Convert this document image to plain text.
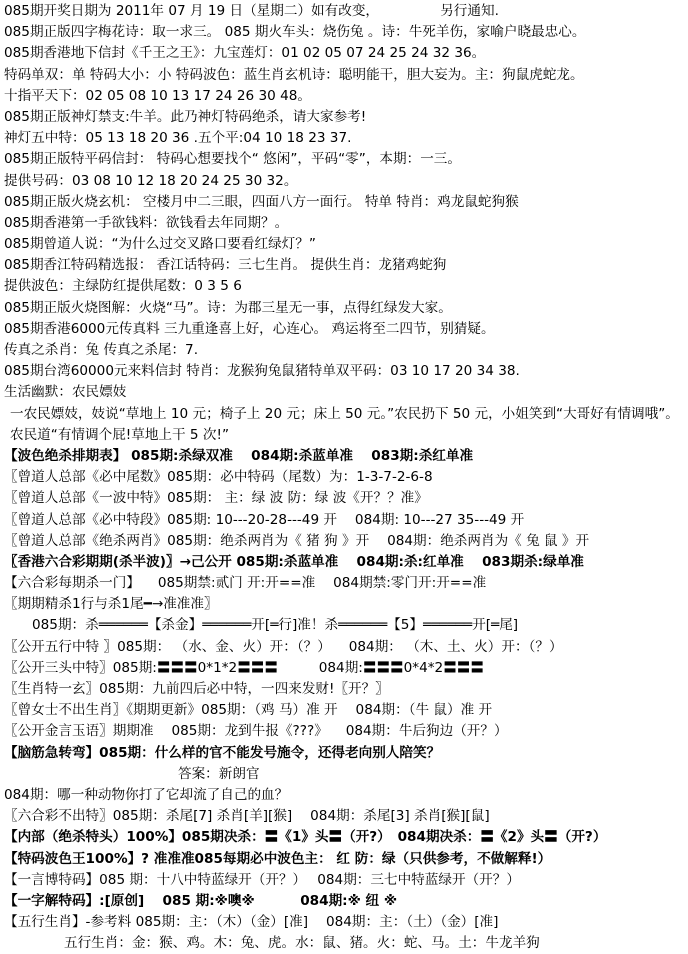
085期开奖日期为 2011年 07 月 19 日（星期二）如有改变，　　　　　另行通知.
085期正版四字梅花诗：取一求三。 085 期火车头：烧伤兔 。诗：牛死羊伤，家喻户晓最忠心。
085期香港地下信封《千王之王》：九宝莲灯：01 02 05 07 24 25 24 32 36。
特码单双：单 特码大小：小 特码波色：蓝生肖玄机诗：聪明能干，胆大妄为。主：狗鼠虎蛇龙。
十指平天下：02 05 08 10 13 17 24 26 30 48。
085期正版神灯禁支:牛羊。此乃神灯特码绝杀，请大家参考!
神灯五中特：05 13 18 20 36 .五个平:04 10 18 23 37.
085期正版特平码信封： 特码心想要找个“ 悠闲”，平码“零”，本期：一三。
提供号码：03 08 10 12 18 20 24 25 30 32。
085期正版火烧玄机： 空楼月中二三眼，四面八方一面行。 特单 特肖：鸡龙鼠蛇狗猴
085期香港第一手欲钱料：欲钱看去年同期？。
085期曾道人说：“为什么过交叉路口要看红绿灯？”
085期香江特码精选报： 香江话特码：三七生肖。 提供生肖：龙猪鸡蛇狗
提供波色：主绿防红提供尾数：0 3 5 6
085期正版火烧图解：火烧“马”。诗：为郡三星无一事，点得红绿发大家。
085期香港6000元传真料 三九重逢喜上好，心连心。 鸡运将至二四节，别猜疑。
传真之杀肖：兔 传真之杀尾：7.
085期台湾60000元来料信封 特肖：龙猴狗兔鼠猪特单双平码：03 10 17 20 34 38.
生活幽默：农民嫖妓
一农民嫖妓，妓说“草地上 10 元；椅子上 20 元；床上 50 元。”农民扔下 50 元，小姐笑到“大哥好有情调哦”。农民道“有情调个屁!草地上干 5 次!”
【波色绝杀排期表】 085期:杀绿双准 　084期:杀蓝单准 　083期:杀红单准
〖曾道人总部《必中尾数》085期：必中特码（尾数）为：1-3-7-2-6-8
〖曾道人总部《一波中特》085期： 主：绿 波 防：绿 波《开？？准》
〖曾道人总部《必中特段》085期: 10---20-28---49 开 　084期: 10---27 35---49 开
〖曾道人总部《绝杀两肖》085期：绝杀两肖为《 猪 狗 》开 　084期：绝杀两肖为《 兔 鼠 》开
〖香港六合彩期期(杀半波)〗→己公开 085期:杀蓝单准 　084期:杀:红单准 　083期杀:绿单准
【六合彩每期杀一门】 　085期禁:贰门 开:开==准 　084期禁:零门开:开==准
〖期期精杀1行与杀1尾━→准准准〗
085期：杀══════【杀金】══════开[═行]准！杀══════【5】══════开[═尾]
〖公开五行中特 〗085期： （水、金、火）开：（？） 　084期： （木、土、火）开：（？）
〖公开三头中特〗085期:〓〓〓0*1*2〓〓〓　　　084期:〓〓〓0*4*2〓〓〓
〖生肖特一玄〗085期：九前四后必中特，一四来发财!〖开？〗
〖曾女士不出生肖〗《期期更新》085期：（鸡 马）准 开 　084期：（牛 鼠）准 开
〖公开金言玉语〗期期准 　085期：龙到牛报《???》 　084期：牛后狗边（开？）
【脑筋急转弯】085期：什么样的官不能发号施令，还得老向别人陪笑？
答案：新朗官
084期：哪一种动物你打了它却流了自己的血？
〖六合彩不出特〗085期：杀尾[7] 杀肖[羊][猴] 　084期：杀尾[3] 杀肖[猴][鼠]
【内部（绝杀特头）100%】085期决杀：〓《1》头〓（开?）　084期决杀：〓《2》头〓（开?）
【特码波色王100%】? 准准准085每期必中波色主： 红 防：绿（只供参考，不做解释!）
【一言博特码】085 期：十八中特蓝绿开（开？）　 084期：三七中特蓝绿开（开？）
【一字解特码】:[原创] 　085 期:※噢※ 　　　084期:※ 纽 ※
【五行生肖】-参考料 085期：主：（木）（金）[准] 　084期：主：（土）（金）[准]
五行生肖：金：猴、鸡。木：兔、虎。水：鼠、猪。火：蛇、马。土：牛龙羊狗
